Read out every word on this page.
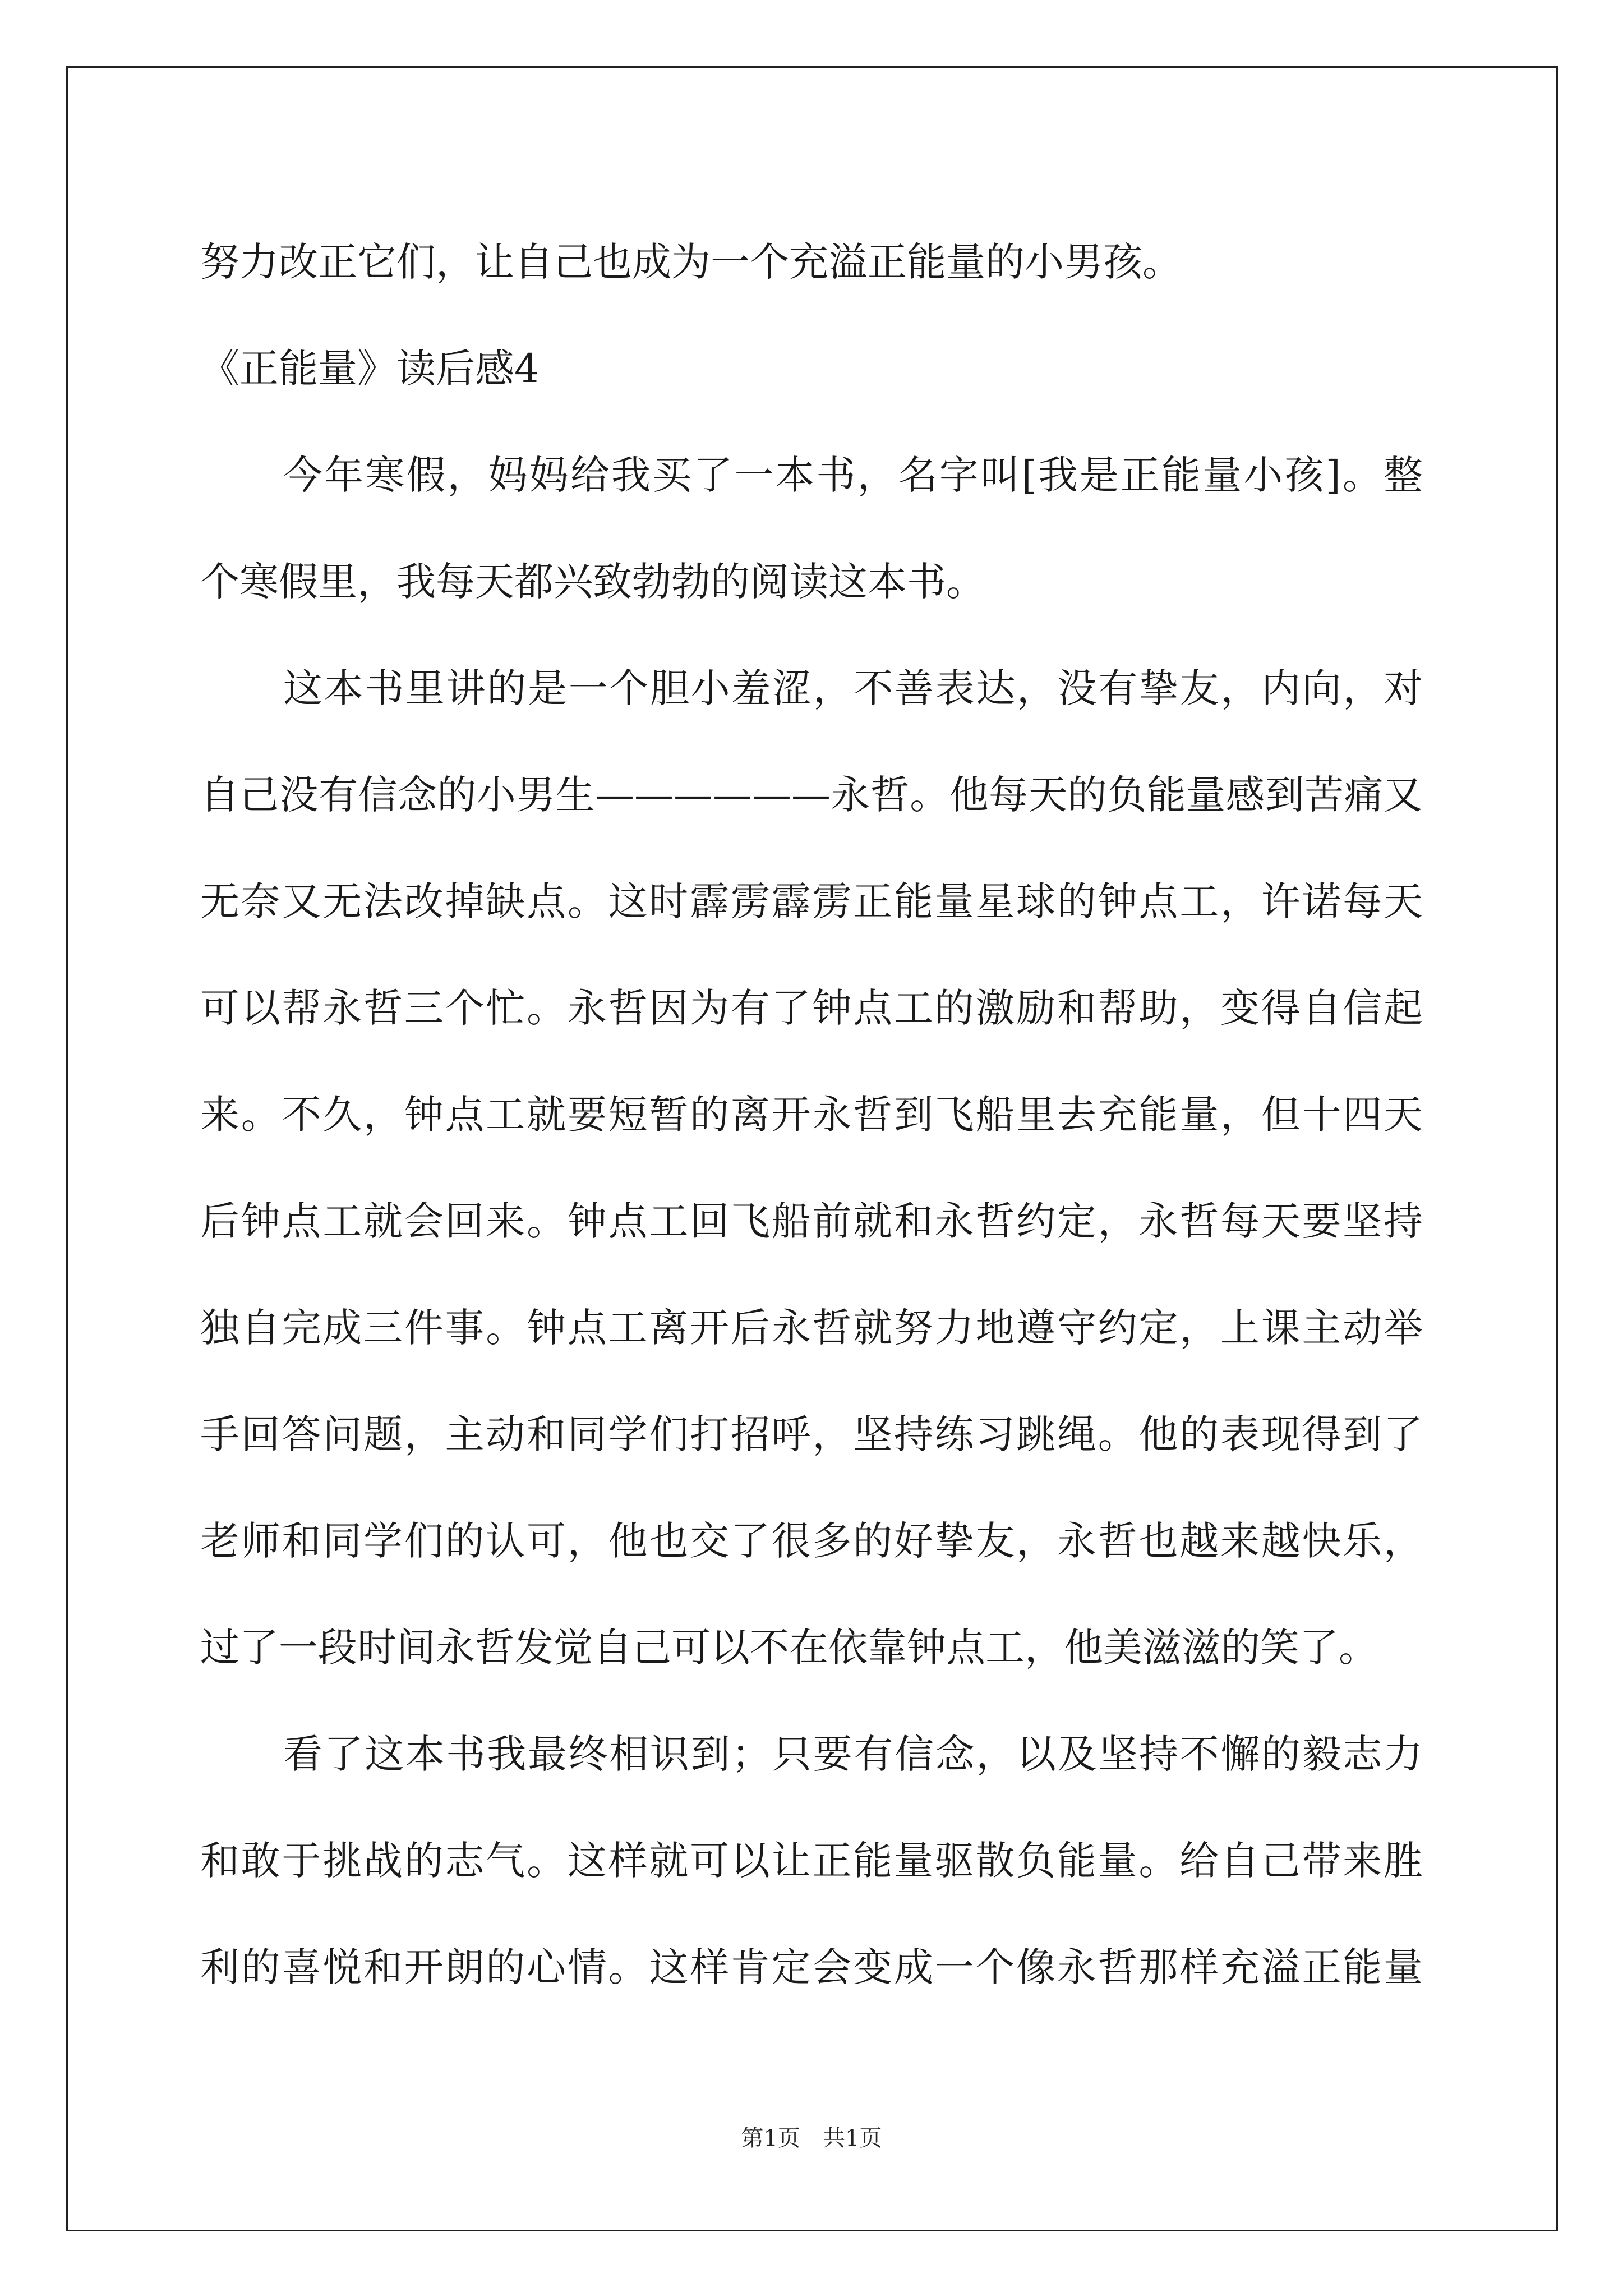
努力改正它们，让自己也成为一个充溢正能量的小男孩。
《正能量》读后感4
今年寒假，妈妈给我买了一本书，名字叫[我是正能量小孩]。整
个寒假里，我每天都兴致勃勃的阅读这本书。
这本书里讲的是一个胆小羞涩，不善表达，没有挚友，内向，对
自己没有信念的小男生——————永哲。他每天的负能量感到苦痛又
无奈又无法改掉缺点。这时霹雳霹雳正能量星球的钟点工，许诺每天
可以帮永哲三个忙。永哲因为有了钟点工的激励和帮助，变得自信起
来。不久，钟点工就要短暂的离开永哲到飞船里去充能量，但十四天
后钟点工就会回来。钟点工回飞船前就和永哲约定，永哲每天要坚持
独自完成三件事。钟点工离开后永哲就努力地遵守约定，上课主动举
手回答问题，主动和同学们打招呼，坚持练习跳绳。他的表现得到了
老师和同学们的认可，他也交了很多的好挚友，永哲也越来越快乐，
过了一段时间永哲发觉自己可以不在依靠钟点工，他美滋滋的笑了。
看了这本书我最终相识到；只要有信念，以及坚持不懈的毅志力
和敢于挑战的志气。这样就可以让正能量驱散负能量。给自己带来胜
利的喜悦和开朗的心情。这样肯定会变成一个像永哲那样充溢正能量
第1页　共1页
